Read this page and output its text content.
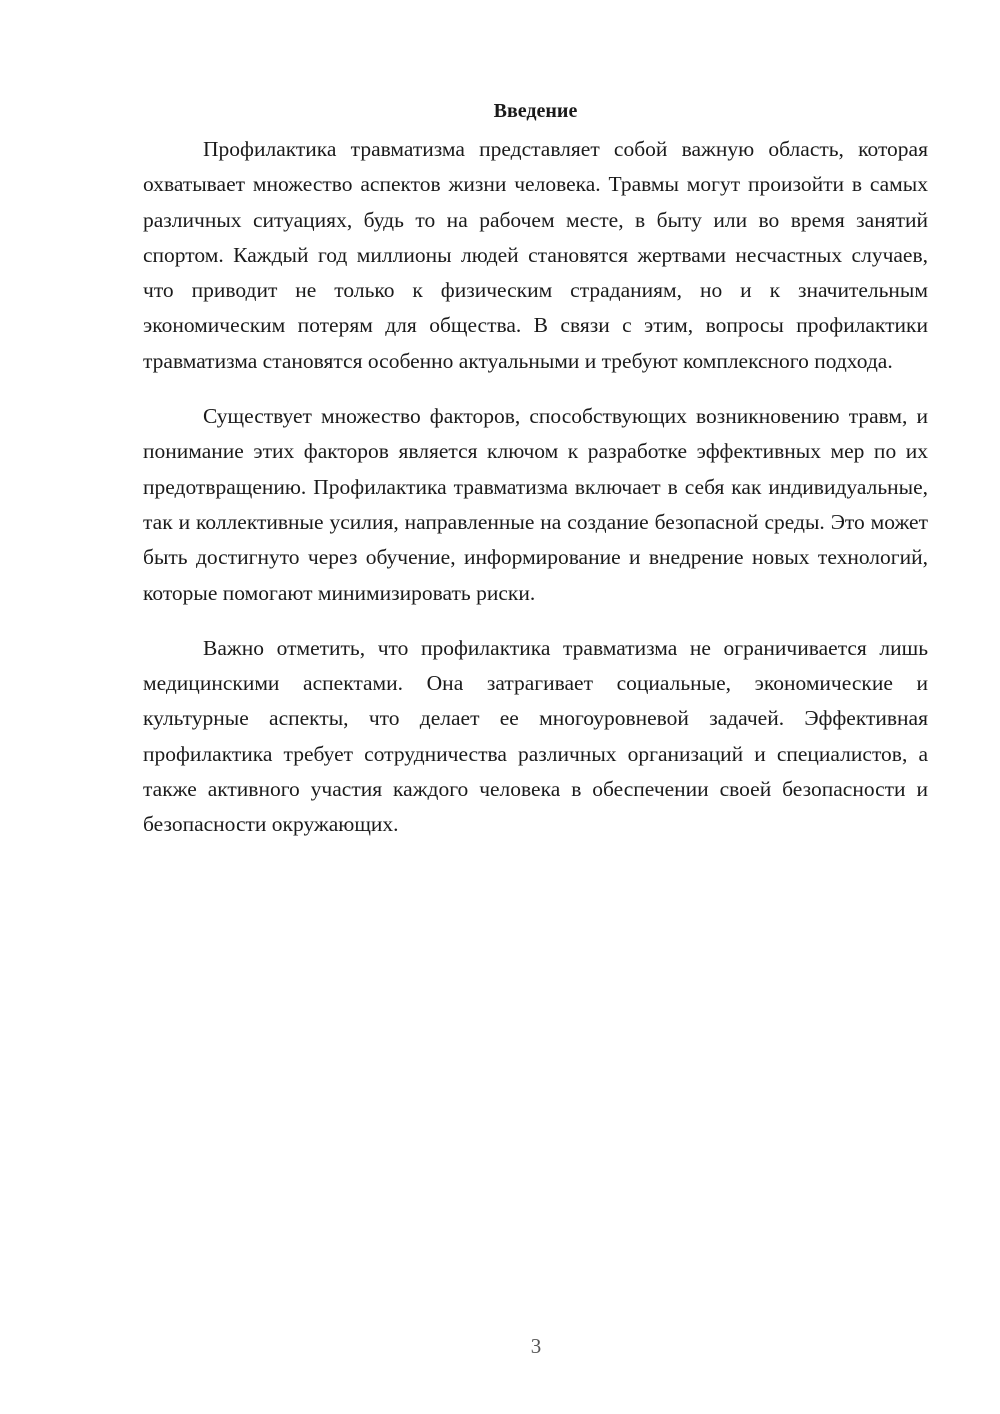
Введение

Профилактика травматизма представляет собой важную область, которая охватывает множество аспектов жизни человека. Травмы могут произойти в самых различных ситуациях, будь то на рабочем месте, в быту или во время занятий спортом. Каждый год миллионы людей становятся жертвами несчастных случаев, что приводит не только к физическим страданиям, но и к значительным экономическим потерям для общества. В связи с этим, вопросы профилактики травматизма становятся особенно актуальными и требуют комплексного подхода.

Существует множество факторов, способствующих возникновению травм, и понимание этих факторов является ключом к разработке эффективных мер по их предотвращению. Профилактика травматизма включает в себя как индивидуальные, так и коллективные усилия, направленные на создание безопасной среды. Это может быть достигнуто через обучение, информирование и внедрение новых технологий, которые помогают минимизировать риски.

Важно отметить, что профилактика травматизма не ограничивается лишь медицинскими аспектами. Она затрагивает социальные, экономические и культурные аспекты, что делает ее многоуровневой задачей. Эффективная профилактика требует сотрудничества различных организаций и специалистов, а также активного участия каждого человека в обеспечении своей безопасности и безопасности окружающих.

3
